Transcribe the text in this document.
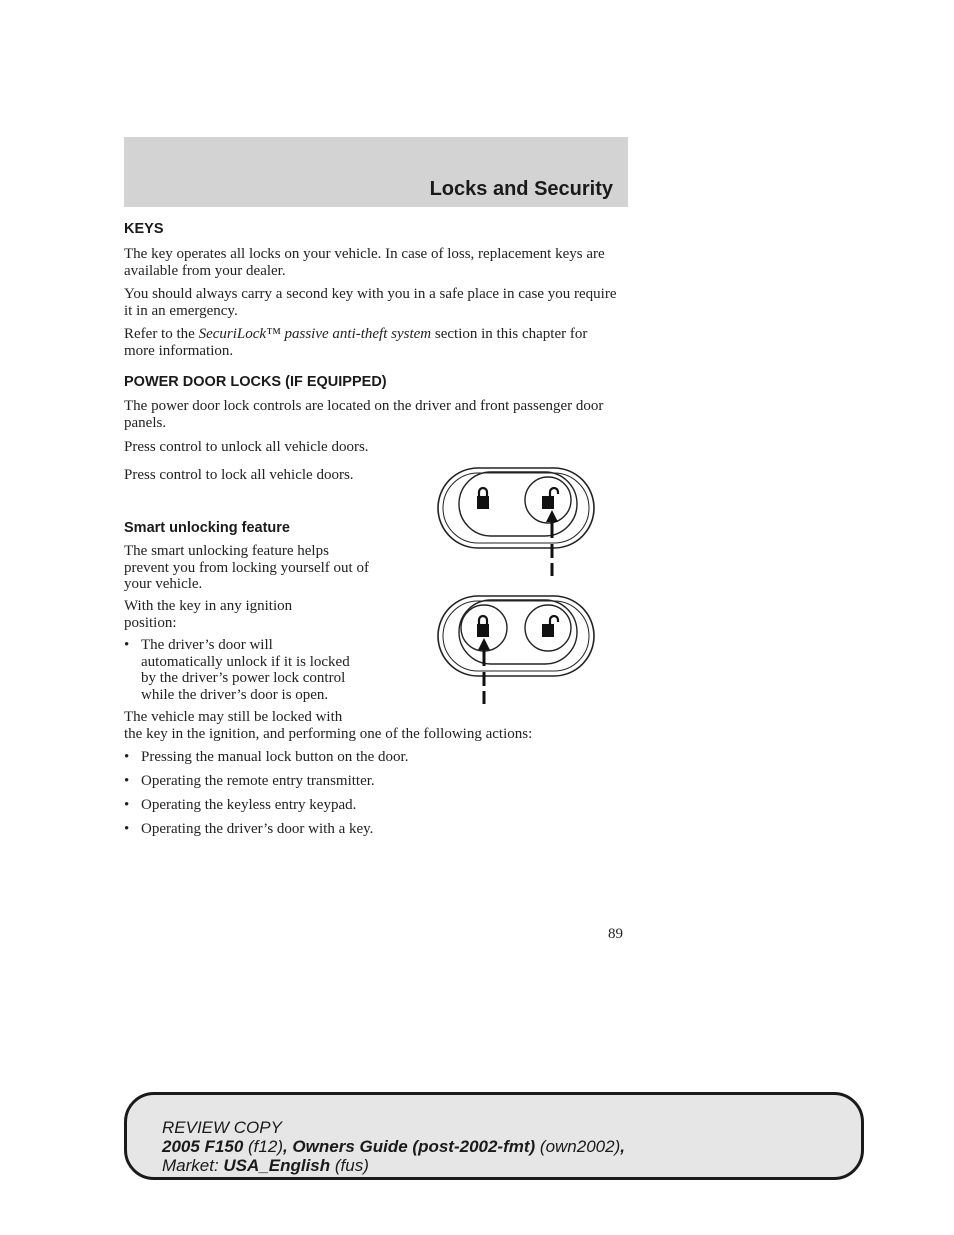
Locks and Security
KEYS

The key operates all locks on your vehicle. In case of loss, replacement keys are available from your dealer.

You should always carry a second key with you in a safe place in case you require it in an emergency.

Refer to the SecuriLock™ passive anti-theft system section in this chapter for more information.

POWER DOOR LOCKS (IF EQUIPPED)

The power door lock controls are located on the driver and front passenger door panels.

Press control to unlock all vehicle doors.

Press control to lock all vehicle doors.

Smart unlocking feature

The smart unlocking feature helps prevent you from locking yourself out of your vehicle.

With the key in any ignition position:

• The driver’s door will
automatically unlock if it is locked
by the driver’s power lock control
while the driver’s door is open.

The vehicle may still be locked with
the key in the ignition, and performing one of the following actions:

• Pressing the manual lock button on the door.
• Operating the remote entry transmitter.
• Operating the keyless entry keypad.
• Operating the driver’s door with a key.
89
REVIEW COPY
2005 F150 (f12), Owners Guide (post-2002-fmt) (own2002),
Market: USA_English (fus)
